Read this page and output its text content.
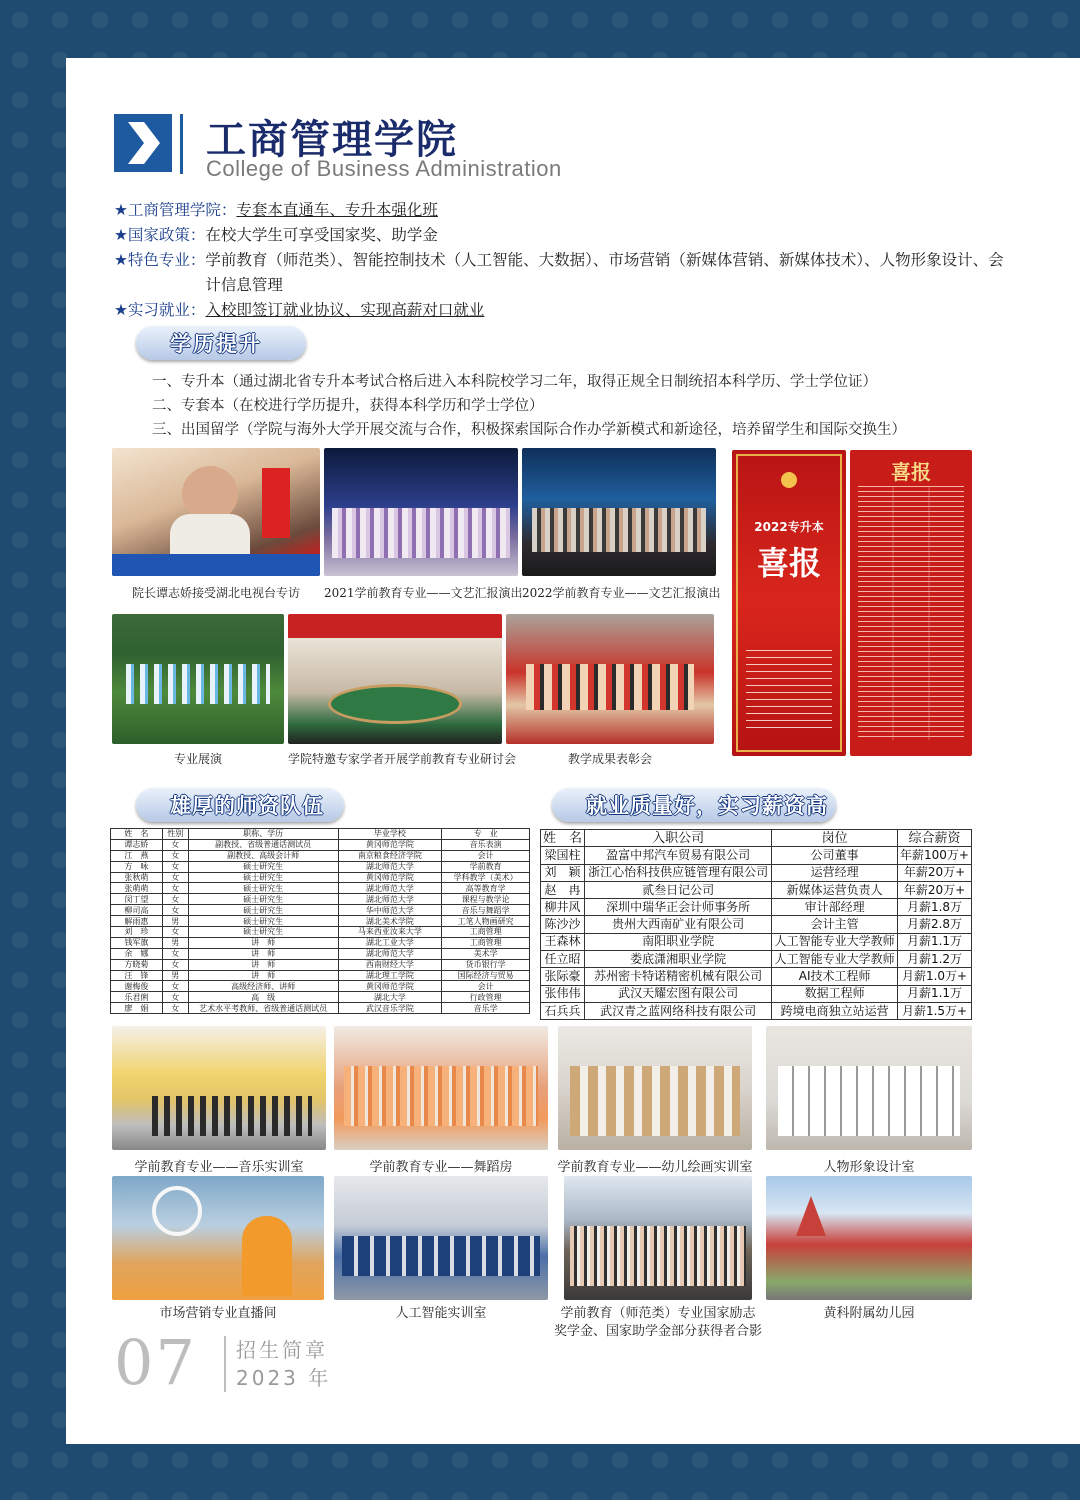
工商管理学院
College of Business Administration
★工商管理学院： 专套本直通车、专升本强化班
★国家政策： 在校大学生可享受国家奖、助学金
★特色专业： 学前教育（师范类）、智能控制技术（人工智能、大数据）、市场营销（新媒体营销、新媒体技术）、人物形象设计、会计信息管理
★实习就业： 入校即签订就业协议、实现高薪对口就业
学历提升
一、专升本（通过湖北省专升本考试合格后进入本科院校学习二年，取得正规全日制统招本科学历、学士学位证）
二、专套本（在校进行学历提升，获得本科学历和学士学位）
三、出国留学（学院与海外大学开展交流与合作，积极探索国际合作办学新模式和新途径，培养留学生和国际交换生）
2022专升本
喜报
喜报
院长谭志娇接受湖北电视台专访	2021学前教育专业——文艺汇报演出 2022学前教育专业——文艺汇报演出
专业展演	学院特邀专家学者开展学前教育专业研讨会	教学成果表彰会
雄厚的师资队伍	就业质量好，实习薪资高
姓　名	性别	职称、学历	毕业学校	专　业
谭志娇	女	副教授、省级普通话测试员	黄冈师范学院	音乐表演
江　燕	女	副教授、高级会计师	南京粮食经济学院	会计
方　咏	女	硕士研究生	湖北师范大学	学前教育
张秋萌	女	硕士研究生	黄冈师范学院	学科教学（美术）
张萌萌	女	硕士研究生	湖北师范大学	高等教育学
闵丁望	女	硕士研究生	湖北师范大学	课程与教学论
柳司高	女	硕士研究生	华中师范大学	音乐与舞蹈学
解雨惠	男	硕士研究生	湖北美术学院	工笔人物画研究
刘　珍	女	硕士研究生	马来西亚汝来大学	工商管理
钱军旗	男	讲　师	湖北工业大学	工商管理
余　娜	女	讲　师	湖北师范大学	美术学
方晓菊	女	讲　师	西南财经大学	货币银行学
汪　锋	男	讲　师	湖北理工学院	国际经济与贸易
谢梅俊	女	高级经济师、讲师	黄冈师范学院	会计
乐君俐	女	高　级	湖北大学	行政管理
廖　娟	女	艺术水平考教师、省级普通话测试员	武汉音乐学院	音乐学
姓　名	入职公司	岗位	综合薪资
梁国柱	盈富中邦汽车贸易有限公司	公司董事	年薪100万+
刘　颖	浙江心怡科技供应链管理有限公司	运营经理	年薪20万+
赵　冉	贰叁日记公司	新媒体运营负责人	年薪20万+
柳井风	深圳中瑞华正会计师事务所	审计部经理	月薪1.8万
陈沙沙	贵州大西南矿业有限公司	会计主管	月薪2.8万
王森林	南阳职业学院	人工智能专业大学教师	月薪1.1万
任立昭	娄底潇湘职业学院	人工智能专业大学教师	月薪1.2万
张际豪	苏州密卡特诺精密机械有限公司	AI技术工程师	月薪1.0万+
张伟伟	武汉天耀宏图有限公司	数据工程师	月薪1.1万
石兵兵	武汉青之蓝网络科技有限公司	跨境电商独立站运营	月薪1.5万+
学前教育专业——音乐实训室	学前教育专业——舞蹈房	学前教育专业——幼儿绘画实训室	人物形象设计室
市场营销专业直播间	人工智能实训室	学前教育（师范类）专业国家励志
奖学金、国家助学金部分获得者合影
黄科附属幼儿园
07 招生简章
2023 年
